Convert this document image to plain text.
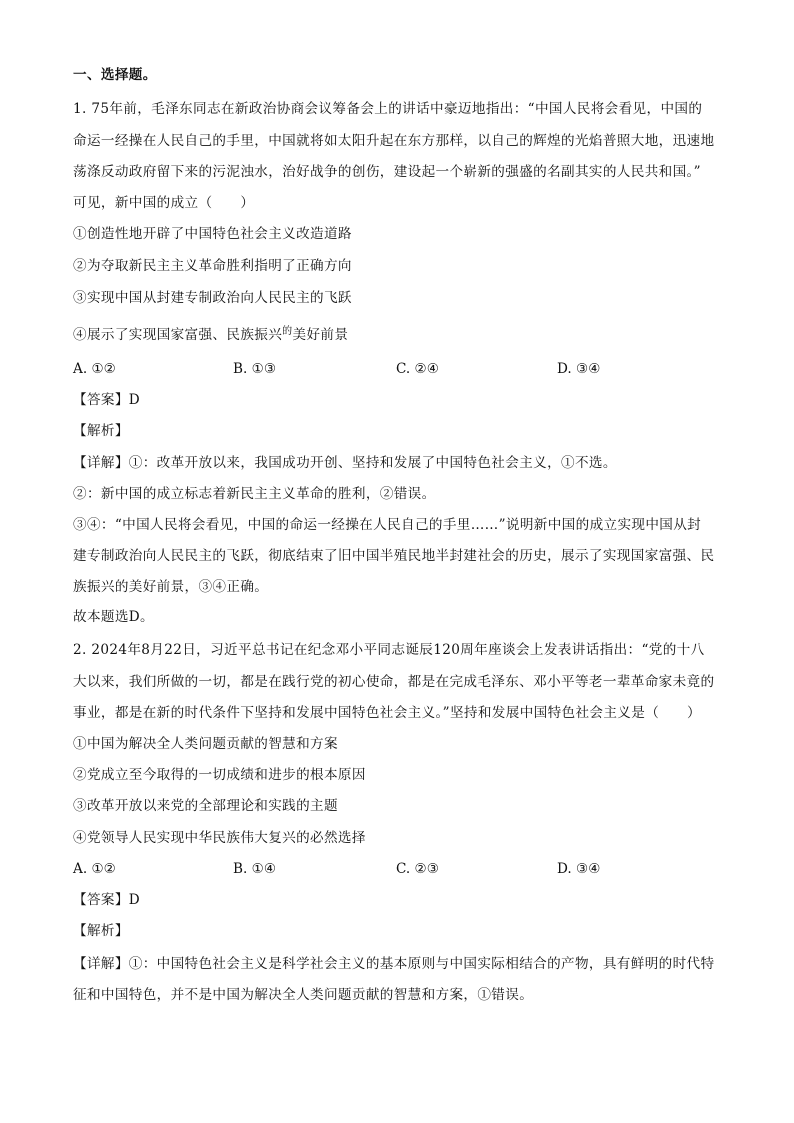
一、选择题。
1. 75年前，毛泽东同志在新政治协商会议筹备会上的讲话中豪迈地指出：“中国人民将会看见，中国的
命运一经操在人民自己的手里，中国就将如太阳升起在东方那样，以自己的辉煌的光焰普照大地，迅速地
荡涤反动政府留下来的污泥浊水，治好战争的创伤，建设起一个崭新的强盛的名副其实的人民共和国。”
可见，新中国的成立（　　）
①创造性地开辟了中国特色社会主义改造道路
②为夺取新民主主义革命胜利指明了正确方向
③实现中国从封建专制政治向人民民主的飞跃
④展示了实现国家富强、民族振兴$^的$美好前景
A. ①②	B. ①③	C. ②④	D. ③④
【答案】D
【解析】
【详解】①：改革开放以来，我国成功开创、坚持和发展了中国特色社会主义，①不选。
②：新中国的成立标志着新民主主义革命的胜利，②错误。
③④：“中国人民将会看见，中国的命运一经操在人民自己的手里……”说明新中国的成立实现中国从封
建专制政治向人民民主的飞跃，彻底结束了旧中国半殖民地半封建社会的历史，展示了实现国家富强、民
族振兴的美好前景，③④正确。
故本题选D。
2. 2024年8月22日，习近平总书记在纪念邓小平同志诞辰120周年座谈会上发表讲话指出：“党的十八
大以来，我们所做的一切，都是在践行党的初心使命，都是在完成毛泽东、邓小平等老一辈革命家未竟的
事业，都是在新的时代条件下坚持和发展中国特色社会主义。”坚持和发展中国特色社会主义是（　　）
①中国为解决全人类问题贡献的智慧和方案
②党成立至今取得的一切成绩和进步的根本原因
③改革开放以来党的全部理论和实践的主题
④党领导人民实现中华民族伟大复兴的必然选择
A. ①②	B. ①④	C. ②③	D. ③④
【答案】D
【解析】
【详解】①：中国特色社会主义是科学社会主义的基本原则与中国实际相结合的产物，具有鲜明的时代特
征和中国特色，并不是中国为解决全人类问题贡献的智慧和方案，①错误。
